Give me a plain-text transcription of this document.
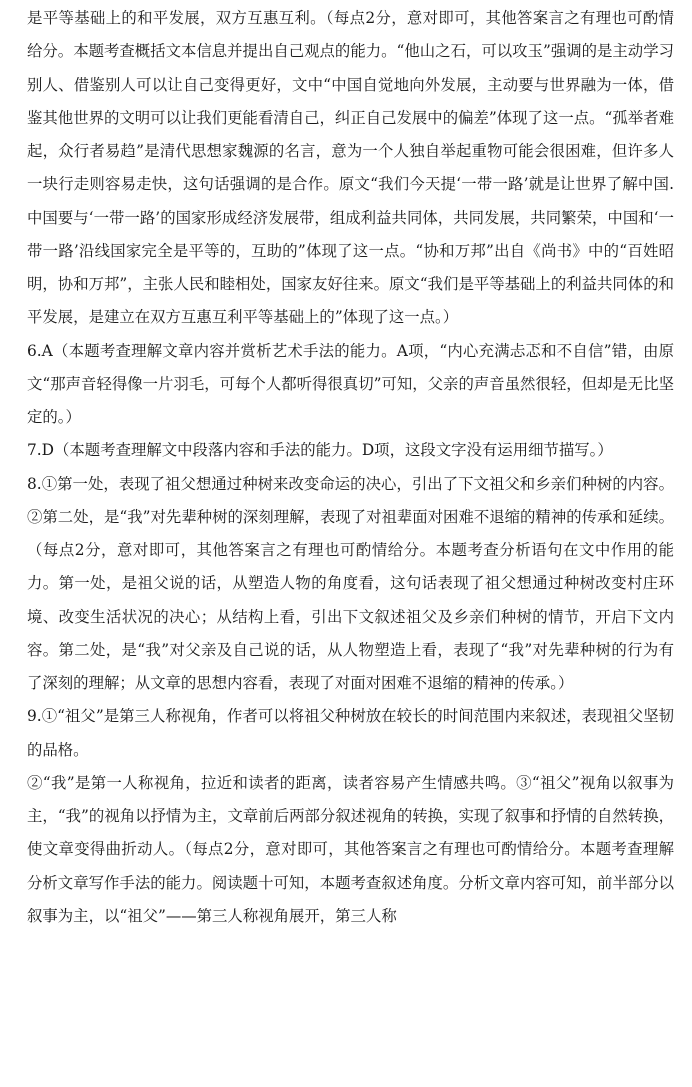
是平等基础上的和平发展，双方互惠互利。（每点2分，意对即可，其他答案言之有理也可酌情给分。本题考查概括文本信息并提出自己观点的能力。“他山之石，可以攻玉”强调的是主动学习别人、借鉴别人可以让自己变得更好，文中“中国自觉地向外发展，主动要与世界融为一体，借鉴其他世界的文明可以让我们更能看清自己，纠正自己发展中的偏差”体现了这一点。“孤举者难起，众行者易趋”是清代思想家魏源的名言，意为一个人独自举起重物可能会很困难，但许多人一块行走则容易走快，这句话强调的是合作。原文“我们今天提‘一带一路’就是让世界了解中国.中国要与‘一带一路’的国家形成经济发展带，组成利益共同体，共同发展，共同繁荣，中国和‘一带一路’沿线国家完全是平等的，互助的”体现了这一点。“协和万邦”出自《尚书》中的“百姓昭明，协和万邦”，主张人民和睦相处，国家友好往来。原文“我们是平等基础上的利益共同体的和平发展，是建立在双方互惠互利平等基础上的”体现了这一点。）

6.A（本题考查理解文章内容并赏析艺术手法的能力。A项，“内心充满忐忑和不自信”错，由原文“那声音轻得像一片羽毛，可每个人都听得很真切”可知，父亲的声音虽然很轻，但却是无比坚定的。）

7.D（本题考查理解文中段落内容和手法的能力。D项，这段文字没有运用细节描写。）

8.①第一处，表现了祖父想通过种树来改变命运的决心，引出了下文祖父和乡亲们种树的内容。②第二处，是“我”对先辈种树的深刻理解，表现了对祖辈面对困难不退缩的精神的传承和延续。（每点2分，意对即可，其他答案言之有理也可酌情给分。本题考查分析语句在文中作用的能力。第一处，是祖父说的话，从塑造人物的角度看，这句话表现了祖父想通过种树改变村庄环境、改变生活状况的决心；从结构上看，引出下文叙述祖父及乡亲们种树的情节，开启下文内容。第二处，是“我”对父亲及自己说的话，从人物塑造上看，表现了“我”对先辈种树的行为有了深刻的理解；从文章的思想内容看，表现了对面对困难不退缩的精神的传承。）

9.①“祖父”是第三人称视角，作者可以将祖父种树放在较长的时间范围内来叙述，表现祖父坚韧的品格。

②“我”是第一人称视角，拉近和读者的距离，读者容易产生情感共鸣。③“祖父”视角以叙事为主，“我”的视角以抒情为主，文章前后两部分叙述视角的转换，实现了叙事和抒情的自然转换，使文章变得曲折动人。（每点2分，意对即可，其他答案言之有理也可酌情给分。本题考查理解分析文章写作手法的能力。阅读题十可知，本题考查叙述角度。分析文章内容可知，前半部分以叙事为主，以“祖父”——第三人称视角展开，第三人称
